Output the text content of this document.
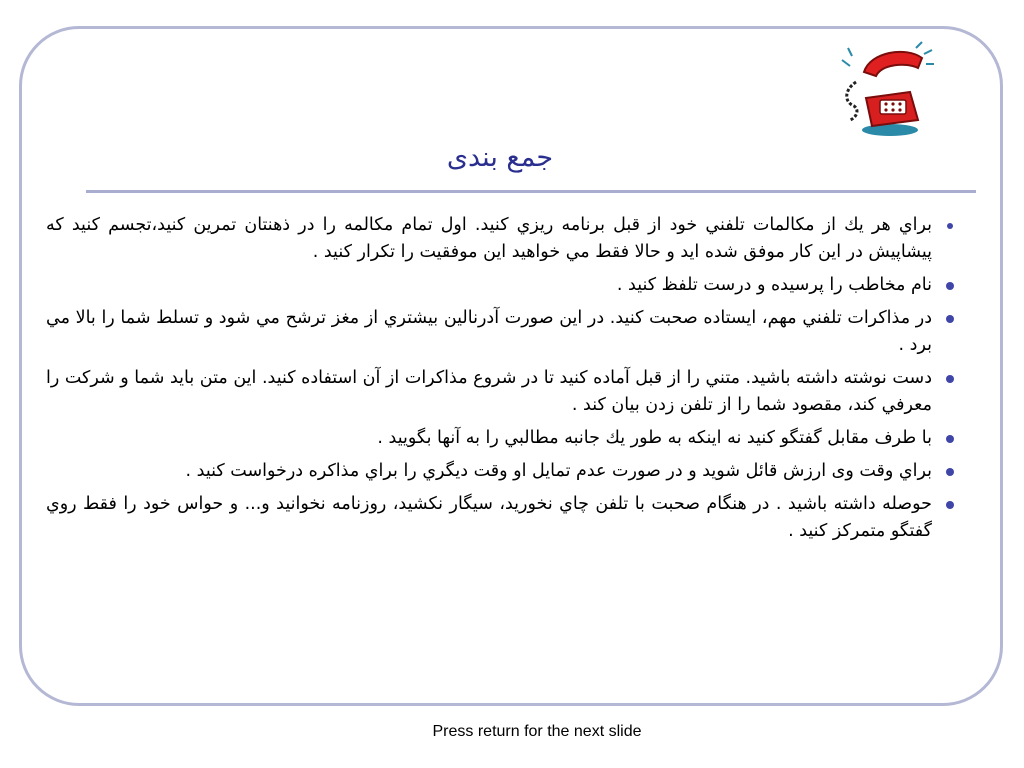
جمع بندی
براي هر يك از مكالمات تلفني خود از قبل برنامه ريزي كنيد. اول تمام مكالمه را در ذهنتان تمرين كنيد،تجسم كنيد كه پيشاپيش در اين كار موفق شده ايد و حالا فقط مي خواهيد اين موفقيت را تكرار كنيد .
نام مخاطب را پرسيده و درست تلفظ كنيد .
در مذاكرات تلفني مهم، ايستاده صحبت كنيد. در اين صورت آدرنالين بيشتري از مغز ترشح مي شود و تسلط شما را بالا مي برد .
دست نوشته داشته باشيد. متني را از قبل آماده كنيد تا در شروع مذاكرات از آن استفاده كنيد. اين متن بايد شما و شركت را معرفي كند، مقصود شما را از تلفن زدن بيان كند .
با طرف مقابل گفتگو كنيد نه اينكه به طور يك جانبه مطالبي را به آنها بگوييد .
براي وقت وی ارزش قائل شويد و در صورت عدم تمايل او وقت ديگري را براي مذاكره درخواست كنيد .
حوصله داشته باشيد . در هنگام صحبت با تلفن چاي نخوريد، سيگار نكشيد، روزنامه نخوانيد و... و حواس خود را فقط روي گفتگو متمركز كنيد .
Press return for the next slide
